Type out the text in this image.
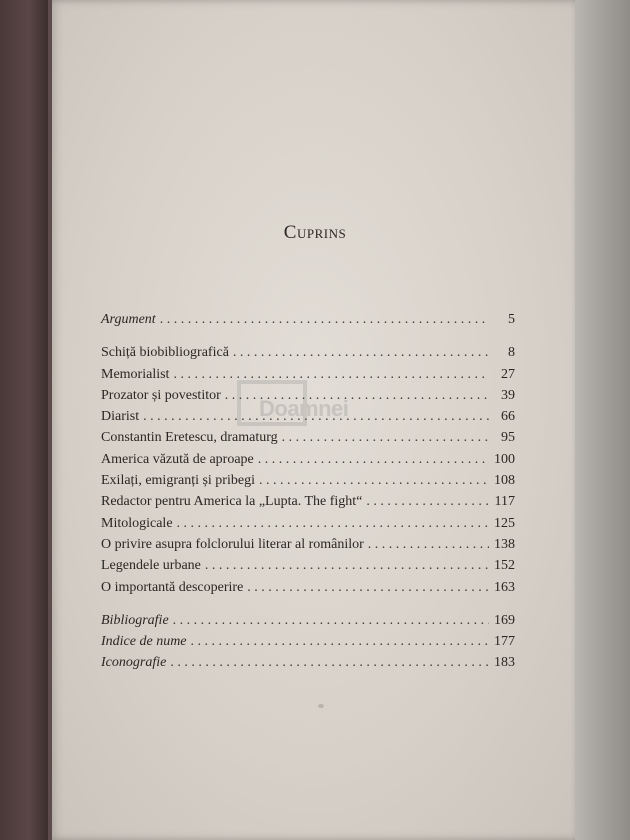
Cuprins
Argument . . .	5
Schiță biobibliografică . . .	8
Memorialist . . .	27
Prozator și povestitor . . .	39
Diarist . . .	66
Constantin Eretescu, dramaturg . . .	95
America văzută de aproape . . .	100
Exilați, emigranți și pribegi . . .	108
Redactor pentru America la „Lupta. The fight“ . . .	117
Mitologicale . . .	125
O privire asupra folclorului literar al românilor . . .	138
Legendele urbane . . .	152
O importantă descoperire . . .	163
Bibliografie . . .	169
Indice de nume . . .	177
Iconografie . . .	183
Doamnei
